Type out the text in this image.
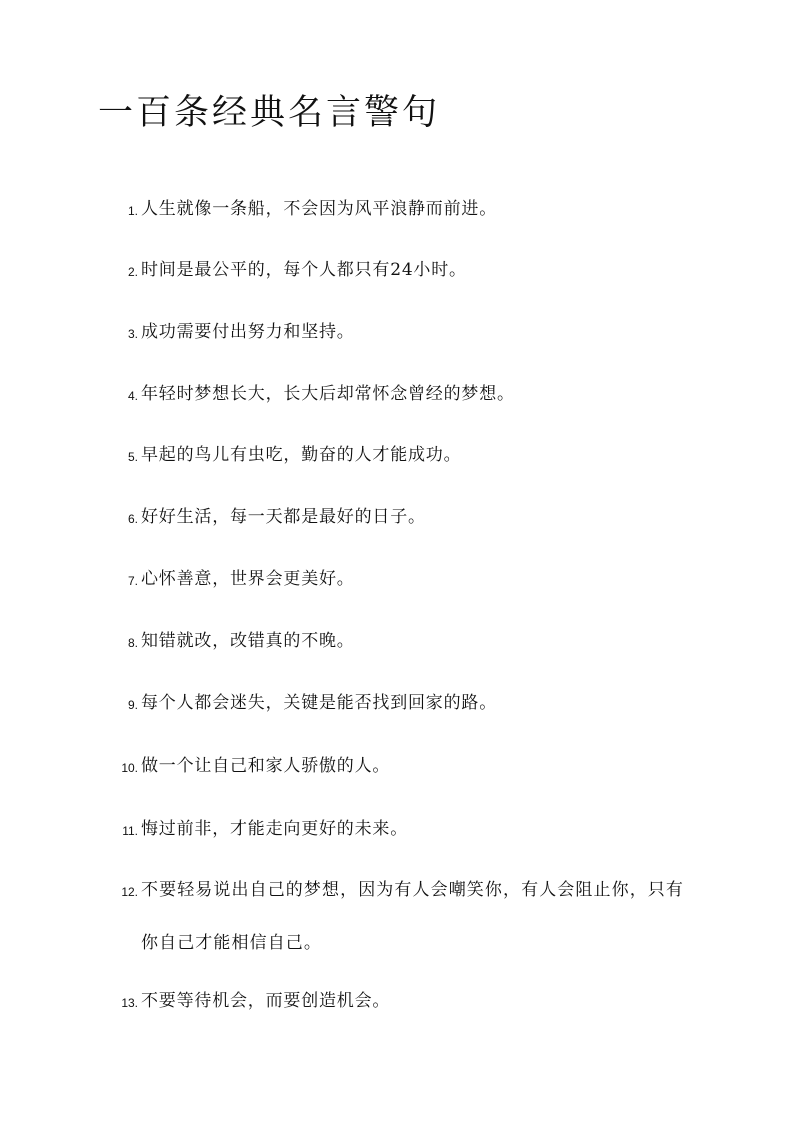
一百条经典名言警句
1. 人生就像一条船，不会因为风平浪静而前进。
2. 时间是最公平的，每个人都只有24小时。
3. 成功需要付出努力和坚持。
4. 年轻时梦想长大，长大后却常怀念曾经的梦想。
5. 早起的鸟儿有虫吃，勤奋的人才能成功。
6. 好好生活，每一天都是最好的日子。
7. 心怀善意，世界会更美好。
8. 知错就改，改错真的不晚。
9. 每个人都会迷失，关键是能否找到回家的路。
10. 做一个让自己和家人骄傲的人。
11. 悔过前非，才能走向更好的未来。
12. 不要轻易说出自己的梦想，因为有人会嘲笑你，有人会阻止你，只有你自己才能相信自己。
13. 不要等待机会，而要创造机会。
